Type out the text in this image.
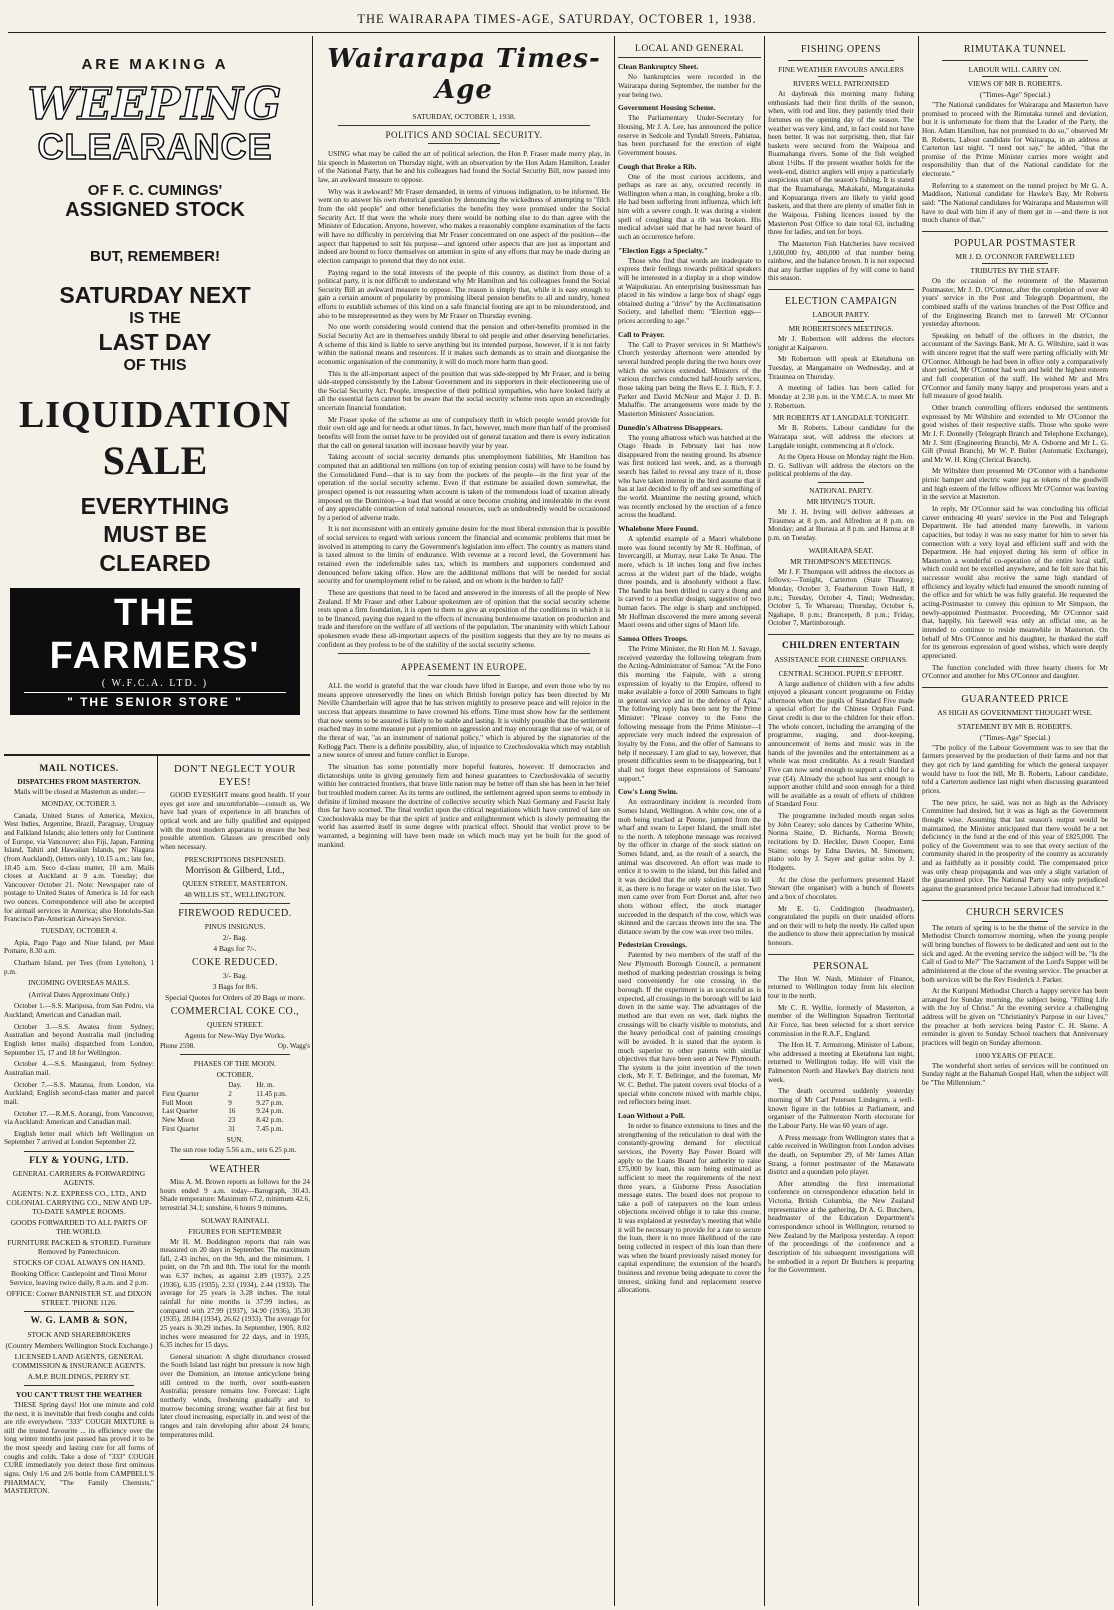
THE WAIRARAPA TIMES-AGE, SATURDAY, OCTOBER 1, 1938.
ARE MAKING A
WEEPING
CLEARANCE
OF F. C. CUMINGS'
ASSIGNED STOCK
BUT, REMEMBER!
SATURDAY NEXT
IS THE
LAST DAY
OF THIS
LIQUIDATION
SALE
EVERYTHING
MUST BE
CLEARED
THE FARMERS'
( W.F.C.A. LTD. )
" THE SENIOR STORE "
MAIL NOTICES.
DISPATCHES FROM MASTERTON.

Mails will be closed at Masterton as under:—

MONDAY, OCTOBER 3.

Canada, United States of America, Mexico, West Indies, Argentine, Brazil, Paraguay, Uruguay and Falkland Islands; also letters only for Continent of Europe, via Vancouver; also Fiji, Japan, Fanning Island, Tahiti and Hawaiian Islands, per Niagara (from Auckland), (letters only), 10.15 a.m.; late fee, 10.45 a.m. Seco d-class matter, 10 a.m. Mails closes at Auckland at 9 a.m. Tuesday; due Vancouver October 21. Note: Newspaper rate of postage to United States of America is 1d for each two ounces. Correspondence will also be accepted for airmail services in America; also Honolulu-San Francisco Pan-American Airways Service.

TUESDAY, OCTOBER 4.

Apia, Pago Pago and Niue Island, per Maui Pomare, 8.30 a.m.

Chatham Island, per Tees (from Lyttelton), 1 p.m.

INCOMING OVERSEAS MAILS.

(Arrival Dates Approximate Only.)

October 1.—S.S. Mariposa, from San Pedro, via Auckland; American and Canadian mail.

October 3.—S.S. Awatea from Sydney; Australian and beyond Australia mail (including English letter mails) dispatched from London, September 15, 17 and 18 for Wellington.

October 4.—S.S. Maunganui, from Sydney: Australian mail.

October 7.—S.S. Matatua, from London, via Auckland; English second-class matter and parcel mail.

October 17.—R.M.S. Aorangi, from Vancouver, via Auckland: American and Canadian mail.

English letter mail which left Wellington on September 7 arrived at London September 22.

FLY & YOUNG, LTD.
GENERAL CARRIERS & FORWARDING AGENTS.
AGENTS: N.Z. EXPRESS CO., LTD., AND COLONIAL CARRYING CO., NEW AND UP-TO-DATE SAMPLE ROOMS.
GOODS FORWARDED TO ALL PARTS OF THE WORLD.
FURNITURE PACKED & STORED. Furniture Removed by Pantechnicon.
STOCKS OF COAL ALWAYS ON HAND.
Booking Office: Castlepoint and Tinui Motor Service, leaving twice daily, 8 a.m. and 2 p.m.
OFFICE: Corner BANNISTER ST. and DIXON STREET. 'PHONE 1126.
W. G. LAMB & SON,
STOCK AND SHAREBROKERS
(Country Members Wellington Stock Exchange.)
LICENSED LAND AGENTS, GENERAL COMMISSION & INSURANCE AGENTS.
A.M.P. BUILDINGS, PERRY ST.
YOU CAN'T TRUST THE WEATHER

THESE Spring days! Hot one minute and cold the next, it is inevitable that fresh coughs and colds are rife everywhere. "333" COUGH MIXTURE is still the trusted favourite ... its efficiency over the long winter months just passed has proved it to be the most speedy and lasting cure for all forms of coughs and colds. Take a dose of "333" COUGH CURE immediately you detect those first ominous signs. Only 1/6 and 2/6 bottle from CAMPBELL'S PHARMACY, "The Family Chemists," MASTERTON.

DON'T NEGLECT YOUR EYES!

GOOD EYESIGHT means good health. If your eyes get sore and uncomfortable—consult us. We have had years of experience in all branches of optical work and are fully qualified and equipped with the most modern apparatus to ensure the best possible attention. Glasses are prescribed only when necessary.

PRESCRIPTIONS DISPENSED.
Morrison & Gilberd, Ltd.,
QUEEN STREET, MASTERTON.
48 WILLIS ST., WELLINGTON.
FIREWOOD REDUCED.
PINUS INSIGNUS.
2/- Bag.
4 Bags for 7/-.
COKE REDUCED.
3/- Bag.
3 Bags for 8/6.
Special Quotes for Orders of 20 Bags or more.
COMMERCIAL COKE CO.,
QUEEN STREET.
Agents for New-Way Dye Works.
Phone 2598.	Op. Wagg's
PHASES OF THE MOON.
OCTOBER.
	Day.	Hr. m.
First Quarter	2	11.45 p.m.
Full Moon	9	9.27 p.m.
Last Quarter	16	9.24 p.m.
New Moon	23	8.42 p.m.
First Quarter	31	7.45 p.m.
SUN.

The sun rose today 5.56 a.m., sets 6.25 p.m.

WEATHER

Miss A. M. Brown reports as follows for the 24 hours ended 9 a.m. today—Barograph, 30.43. Shade temperature: Maximum 67.2, minimum 42.6, terrestrial 34.1; sunshine, 6 hours 9 minutes.

SOLWAY RAINFALL
FIGURES FOR SEPTEMBER

Mr H. M. Boddington reports that rain was measured on 20 days in September. The maximum fall, 2.43 inches, on the 9th, and the minimum, 1 point, on the 7th and 8th. The total for the month was 6.37 inches, as against 2.89 (1937), 2.25 (1936), 6.35 (1935), 2.33 (1934), 2.44 (1933). The average for 25 years is 3.28 inches. The total rainfall for nine months is 37.99 inches, as compared with 27.99 (1937), 34.90 (1936), 35.30 (1935), 28.84 (1934), 26.62 (1933). The average for 25 years is 30.29 inches. In September, 1905, 8.02 inches were measured for 22 days, and in 1935, 6.35 inches for 15 days.

General situation: A slight disturbance crossed the South Island last night but pressure is now high over the Dominion, an intense anticyclone being still centred to the north, over south-eastern Australia; pressure remains low. Forecast: Light northerly winds, freshening gradually and to morrow becoming strong; weather fair at first but later cloud increasing, especially in. and west of the ranges and rain developing after about 24 hours; temperatures mild.

Wairarapa Times-Age
SATURDAY, OCTOBER 1, 1938.
POLITICS AND SOCIAL SECURITY.

USING what may be called the art of political selection, the Hon P. Fraser made merry play, in his speech in Masterton on Thursday night, with an observation by the Hon Adam Hamilton, Leader of the National Party, that he and his colleagues had found the Social Security Bill, now passed into law, an awkward measure to oppose.

Why was it awkward? Mr Fraser demanded, in terms of virtuous indignation, to be informed. He went on to answer his own rhetorical question by denouncing the wickedness of attempting to "filch from the old people" and other beneficiaries the benefits they were promised under the Social Security Act. If that were the whole story there would be nothing else to do than agree with the Minister of Education. Anyone, however, who makes a reasonably complete examination of the facts will have no difficulty in perceiving that Mr Fraser concentrated on one aspect of the position—the aspect that happened to suit his purpose—and ignored other aspects that are just as important and indeed are bound to force themselves on attention in spite of any efforts that may be made during an election campaign to pretend that they do not exist.

Paying regard to the total interests of the people of this country, as distinct from those of a political party, it is not difficult to understand why Mr Hamilton and his colleagues found the Social Security Bill an awkward measure to oppose. The reason is simply that, while it is easy enough to gain a certain amount of popularity by promising liberal pension benefits to all and sundry, honest efforts to establish schemes of this kind on a safe financial footing are apt to be misunderstood, and also to be misrepresented as they were by Mr Fraser on Thursday evening.

No one worth considering would contend that the pension and other-benefits promised in the Social Security Act are in themselves unduly liberal to old people and other deserving beneficiaries. A scheme of this kind is liable to serve anything but its intended purpose, however, if it is not fairly within the national means and resources. If it makes such demands as to strain and disorganise the economic organisation of the community, it will do much more harm than good.

This is the all-important aspect of the position that was side-stepped by Mr Fraser, and is being side-stepped consistently by the Labour Government and its supporters in their electioneering use of the Social Security Act. People, irrespective of their political sympathies, who have looked fairly at all the essential facts cannot but be aware that the social security scheme rests upon an exceedingly uncertain financial foundation.

Mr Fraser spoke of the scheme as one of compulsory thrift in which people would provide for their own old age and for needs at other times. In fact, however, much more than half of the promised benefits will from the outset have to be provided out of general taxation and there is every indication that the call on general taxation will increase heavily year by year.

Taking account of social security demands plus unemployment liabilities, Mr Hamilton has computed that an additional ten millions (on top of existing pension costs) will have to be found by the Consolidated Fund—that is to say from the pockets of the people—in the first year of the operation of the social security scheme. Even if that estimate be assailed down somewhat, the prospect opened is not reassuring when account is taken of the tremendous load of taxation already imposed on the Dominion—a load that would at once become crushing and intolerable in the event of any appreciable contraction of total national resources, such as undoubtedly would be occasioned by a period of adverse trade.

It is not inconsistent with an entirely genuine desire for the most liberal extension that is possible of social services to regard with serious concern the financial and economic problems that must be involved in attempting to carry the Government's legislation into effect. The country as matters stand is taxed almost to the limits of endurance. With revenue at a record level, the Government has retained even the indefensible sales tax, which its members and supporters condemned and denounced before taking office. How are the additional millions that will be needed for social security and for unemployment relief to be raised, and on whom is the burden to fall?

These are questions that need to be faced and answered in the interests of all the people of New Zealand. If Mr Fraser and other Labour spokesmen are of opinion that the social security scheme rests upon a firm foundation, it is open to them to give an exposition of the conditions in which it is to be financed, paying due regard to the effects of increasing burdensome taxation on production and trade and therefore on the welfare of all sections of the population. The unanimity with which Labour spokesmen evade these all-important aspects of the position suggests that they are by no means as confident as they profess to be of the stability of the social security scheme.

APPEASEMENT IN EUROPE.

ALL the world is grateful that the war clouds have lifted in Europe, and even those who by no means approve unreservedly the lines on which British foreign policy has been directed by Mr Neville Chamberlain will agree that he has striven mightily to preserve peace and will rejoice in the success that appears meantime to have crowned his efforts. Time must show how far the settlement that now seems to be assured is likely to be stable and lasting. It is visibly possible that the settlement reached may in some measure put a premium on aggression and may encourage that use of war, or of the threat of war, "as an instrument of national policy," which is abjured by the signatories of the Kellogg Pact. There is a definite possibility, also, of injustice to Czechoslovakia which may establish a new source of unrest and future conflict in Europe.

The situation has some potentially more hopeful features, however. If democracies and dictatorships unite in giving genuinely firm and honest guarantees to Czechoslovakia of security within her contracted frontiers, that brave little nation may be better off than she has been in her brief but troubled modern career. As its terms are outlined, the settlement agreed upon seems to embody in definite if limited measure the doctrine of collective security which Nazi Germany and Fascist Italy thus far have scorned. The final verdict upon the critical negotiations which have centred of late on Czechoslovakia may be that the spirit of justice and enlightenment which is slowly permeating the world has asserted itself in some degree with practical effect. Should that verdict prove to be warranted, a beginning will have been made on which much may yet be built for the good of mankind.

LOCAL AND GENERAL
Clean Bankruptcy Sheet.

No bankruptcies were recorded in the Wairarapa during September, the number for the year being two.

Government Housing Scheme.

The Parliamentary Under-Secretary for Housing, Mr J. A. Lee, has announced the police reserve in Sedcole and Tyndall Streets, Pahiatua, has been purchased for the erection of eight Government houses.

Cough that Broke a Rib.

One of the most curious accidents, and perhaps as rare as any, occurred recently in Wellington when a man, in coughing, broke a rib. He had been suffering from influenza, which left him with a severe cough. It was during a violent spell of coughing that a rib was broken. His medical adviser said that he had never heard of such an occurrence before.

"Election Eggs a Specialty."

Those who find that words are inadequate to express their feelings towards political speakers will be interested in a display in a shop window at Waipukurau. An enterprising businessman has placed in his window a large box of shags' eggs obtained during a "drive" by the Acclimatisation Society, and labelled them: "Election eggs—prices according to age."

Call to Prayer.

The Call to Prayer services in St Matthew's Church yesterday afternoon were attended by several hundred people during the two hours over which the services extended. Ministers of the various churches conducted half-hourly services, those taking part being the Revs E. J. Rich, F. J. Parker and David McNeur and Major J. D. B. Mahaffie. The arrangements were made by the Masterton Ministers' Association.

Dunedin's Albatross Disappears.

The young albatross which was hatched at the Otago Heads in February last has now disappeared from the nesting ground. Its absence was first noticed last week, and, as a thorough search has failed to reveal any trace of it, those who have taken interest in the bird assume that it has at last decided to fly off and see something of the world. Meantime the nesting ground, which was recently enclosed by the erection of a fence across the headland.

Whalebone More Found.

A splendid example of a Maori whalebone mere was found recently by Mr R. Hoffman, of Invercargill, at Murray, near Lake Te Anau. The mere, which is 18 inches long and five inches across at the widest part of the blade, weighs three pounds, and is absolutely without a flaw. The handle has been drilled to carry a thong and is carved to a peculiar design, suggestive of two human faces. The edge is sharp and unchipped. Mr Hoffman discovered the mere among several Maori ovens and other signs of Maori life.

Samoa Offers Troops.

The Prime Minister, the Rt Hon M. J. Savage, received yesterday the following telegram from the Acting-Administrator of Samoa: "At the Fono this morning the Faipule, with a strong expression of loyalty to the Empire, offered to make available a force of 2000 Samoans to fight in general service and in the defence of Apia." The following reply has been sent by the Prime Minister: "Please convey to the Fono the following message from the Prime Minister—I appreciate very much indeed the expression of loyalty by the Fono, and the offer of Samoans to help if necessary. I am glad to say, however, that present difficulties seem to be disappearing, but I shall not forget these expressions of Samoans' support."

Cow's Long Swim.

An extraordinary incident is recorded from Somes Island, Wellington. A white cow, one of a mob being trucked at Petone, jumped from the wharf and swam to Leper Island, the small islet to the north. A telephone message was received by the officer in charge of the stock station on Somes Island, and, as the result of a search, the animal was discovered. An effort was made to entice it to swim to the island, but this failed and it was decided that the only solution was to kill it, as there is no forage or water on the islet. Two men came over from Fort Dorset and, after two shots without effect, the stock manager succeeded in the despatch of the cow, which was skinned and the carcass thrown into the sea. The distance swum by the cow was over two miles.

Pedestrian Crossings.

Patented by two members of the staff of the New Plymouth Borough Council, a permanent method of marking pedestrian crossings is being used conveniently for one crossing in the borough. If the experiment is as successful as is expected, all crossings in the borough will be laid down in the same way. The advantages of the method are that even on wet, dark nights the crossings will be clearly visible to motorists, and the heavy periodical cost of painting crossings will be avoided. It is stated that the system is much superior to other patents with similar objectives that have been seen at New Plymouth. The system is the joint invention of the town clerk, Mr F. T. Bellringer, and the foreman, Mr W. C. Bethel. The patent covers oval blocks of a special white concrete mixed with marble chips, red reflectors being inset.

Loan Without a Poll.

In order to finance extensions to lines and the strengthening of the reticulation to deal with the constantly-growing demand for electrical services, the Poverty Bay Power Board will apply to the Loans Board for authority to raise £75,000 by loan, this sum being estimated as sufficient to meet the requirements of the next three years, a Gisborne Press Association message states. The board does not propose to take a poll of ratepayers on the loan unless objections received oblige it to take this course. It was explained at yesterday's meeting that while it will be necessary to provide for a rate to secure the loan, there is no more likelihood of the rate being collected in respect of this loan than there was when the board previously raised money for capital expenditure; the extension of the board's business and revenue being adequate to cover the interest, sinking fund and replacement reserve allocations.

FISHING OPENS
FINE WEATHER FAVOURS ANGLERS
RIVERS WELL PATRONISED

At daybreak this morning many fishing enthusiasts had their first thrills of the season, when, with rod and line, they patiently tried their fortunes on the opening day of the season. The weather was very kind, and, in fact could not have been better. It was not surprising, then, that fair baskets were secured from the Waipoua and Ruamahanga rivers. Some of the fish weighed about 1½lbs. If the present weather holds for the week-end, district anglers will enjoy a particularly auspicious start of the season's fishing. It is stated that the Ruamahanga, Makakahi, Mangatainoka and Kopuaranga rivers are likely to yield good baskets, and that there are plenty of smaller fish in the Waipoua. Fishing licences issued by the Masterton Post Office to date total 63, including three for ladies, and ten for boys.

The Masterton Fish Hatcheries have received 1,600,000 fry, 400,000 of that number being rainbow, and the balance brown. It is not expected that any further supplies of fry will come to hand this season.

ELECTION CAMPAIGN
LABOUR PARTY.
MR ROBERTSON'S MEETINGS.

Mr J. Robertson will address the electors tonight at Kaiparoro.

Mr Robertson will speak at Eketahuna on Tuesday, at Mangamaire on Wednesday, and at Tiraumea on Thursday.

A meeting of ladies has been called for Monday at 2.30 p.m. in the Y.M.C.A. to meet Mr J. Robertson.

MR ROBERTS AT LANGDALE TONIGHT.

Mr B. Roberts, Labour candidate for the Wairarapa seat, will address the electors at Langdale tonight, commencing at 8 o'clock.

At the Opera House on Monday night the Hon. D. G. Sullivan will address the electors on the political problems of the day.

NATIONAL PARTY.
MR IRVING'S TOUR.

Mr J. H. Irving will deliver addresses at Tiraumea at 8 p.m. and Alfredton at 8 p.m. on Monday; and at Ihuraua at 8 p.m. and Hamua at 8 p.m. on Tuesday.

WAIRARAPA SEAT.
MR THOMPSON'S MEETINGS.

Mr J. F. Thompson will address the electors as follows:—Tonight, Carterton (State Theatre); Monday, October 3, Featherston Town Hall, 8 p.m.; Tuesday, October 4, Tinui; Wednesday, October 5, Te Whareau; Thursday, October 6, Ngahape, 8 p.m.; Brancepeth, 8 p.m.; Friday, October 7, Martinborough.

CHILDREN ENTERTAIN
ASSISTANCE FOR CHINESE ORPHANS.
CENTRAL SCHOOL PUPILS' EFFORT.

A large audience of children with a few adults enjoyed a pleasant concert programme on Friday afternoon when the pupils of Standard Five made a special effort for the Chinese Orphan Fund. Great credit is due to the children for their effort. The whole concert, including the arranging of the programme, staging, and door-keeping, announcement of items and music was in the hands of the juveniles and the entertainment as a whole was most creditable. As a result Standard Five can now send enough to support a child for a year (£4). Already the school has sent enough to support another child and soon enough for a third will be available as a result of efforts of children of Standard Four.

The programme included mouth organ solos by John Cearey; solo dances by Catherine White, Norma Staine, D. Richards, Norma Brown; recitations by D. Heckler, Dawn Cooper, Esmi Staine; songs by Edna Davies, M. Simonsen; piano solo by J. Sayer and guitar solos by J. Hodgetts.

At the close the performers presented Hazel Stewart (the organiser) with a bunch of flowers and a box of chocolates.

Mr E. G. Coddington (headmaster), congratulated the pupils on their unaided efforts and on their will to help the needy. He called upon the audience to show their appreciation by musical honours.

PERSONAL

The Hon W. Nash, Minister of Finance, returned to Wellington today from his election tour in the north.

Mr C. R. Wyllie, formerly of Masterton, a member of the Wellington Squadron Territorial Air Force, has been selected for a short service commission in the R.A.F., England.

The Hon H. T. Armstrong, Minister of Labour, who addressed a meeting at Eketahuna last night, returned to Wellington today. He will visit the Palmerston North and Hawke's Bay districts next week.

The death occurred suddenly yesterday morning of Mr Carl Petersen Lindegren, a well-known figure in the lobbies at Parliament, and organiser of the Palmerston North electorate for the Labour Party. He was 60 years of age.

A Press message from Wellington states that a cable received in Wellington from London advises the death, on September 29, of Mr James Allan Strang, a former postmaster of the Manawatu district and a quondam polo player.

After attending the first international conference on correspondence education held in Victoria, British Columbia, the New Zealand representative at the gathering, Dr A. G. Butchers, headmaster of the Education Department's correspondence school in Wellington, returned to New Zealand by the Mariposa yesterday. A report of the proceedings of the conference and a description of his subsequent investigations will be embodied in a report Dr Butchers is preparing for the Government.

RIMUTAKA TUNNEL
LABOUR WILL CARRY ON.
VIEWS OF MR B. ROBERTS.
("Times-Age" Special.)

"The National candidates for Wairarapa and Masterton have promised to proceed with the Rimutaka tunnel and deviation, but it is unfortunate for them that the Leader of the Party, the Hon. Adam Hamilton, has not promised to do so," observed Mr B. Roberts, Labour candidate for Wairarapa, in an address at Carterton last night. "I need not say," he added, "that the promise of the Prime Minister carries more weight and responsibility than that of the National candidate for the electorate."

Referring to a statement on the tunnel project by Mr G. A. Maddison, National candidate for Hawke's Bay, Mr Roberts said: "The National candidates for Wairarapa and Masterton will have to deal with him if any of them get in —and there is not much chance of that."

POPULAR POSTMASTER
MR J. D. O'CONNOR FAREWELLED
TRIBUTES BY THE STAFF.

On the occasion of the retirement of the Masterton Postmaster, Mr J. D. O'Connor, after the completion of over 40 years' service in the Post and Telegraph Department, the combined staffs of the various branches of the Post Office and of the Engineering Branch met to farewell Mr O'Connor yesterday afternoon.

Speaking on behalf of the officers in the district, the accountant of the Savings Bank, Mr A. G. Wiltshire, said it was with sincere regret that the staff were parting officially with Mr O'Connor. Although he had been in office only a comparatively short period, Mr O'Connor had won and held the highest esteem and full cooperation of the staff. He wished Mr and Mrs O'Connor and family many happy and prosperous years and a full measure of good health.

Other branch controlling officers endorsed the sentiments expressed by Mr Wiltshire and extended to Mr O'Connor the good wishes of their respective staffs. Those who spoke were Mr J. F. Donnelly (Telegraph Branch and Telephone Exchange), Mr J. Stitt (Engineering Branch), Mr A. Osborne and Mr L. G. Gill (Postal Branch), Mr W. P. Butler (Automatic Exchange), and Mr W. H. King (Clerical Branch).

Mr Wiltshire then presented Mr O'Connor with a handsome picnic hamper and electric water jug as tokens of the goodwill and high esteem of the fellow officers Mr O'Connor was leaving in the service at Masterton.

In reply, Mr O'Connor said he was concluding his official career embracing 40 years' service in the Post and Telegraph Department. He had attended many farewells, in various capacities, but today it was no easy matter for him to sever his connection with a very loyal and efficient staff and with the Department. He had enjoyed during his term of office in Masterton a wonderful co-operation of the entire local staff, which could not be excelled anywhere, and he felt sure that his successor would also receive the same high standard of efficiency and loyalty which had ensured the smooth running of the office and for which he was fully grateful. He requested the acting-Postmaster to convey this opinion to Mr Simpson, the newly-appointed Postmaster. Proceeding, Mr O'Connor said that, happily, his farewell was only an official one, as he intended to continue to reside meanwhile in Masterton. On behalf of Mrs O'Connor and his daughter, he thanked the staff for its generous expression of good wishes, which were deeply appreciated.

The function concluded with three hearty cheers for Mr O'Connor and another for Mrs O'Connor and daughter.

GUARANTEED PRICE
AS HIGH AS GOVERNMENT THOUGHT WISE.
STATEMENT BY MR B. ROBERTS.
("Times-Age" Special.)

"The policy of the Labour Government was to see that the farmers preserved by the production of their farms and not that they got rich by land gambling for which the general taxpayer would have to foot the bill, Mr B. Roberts, Labour candidate, told a Carterton audience last night when discussing guaranteed prices.

The new price, he said, was not as high as the Advisory Committee had desired, but it was as high as the Government thought wise. Assuming that last season's output would be maintained, the Minister anticipated that there would be a net deficiency in the fund at the end of this year of £825,000. The policy of the Government was to see that every section of the community shared in the prosperity of the country as accurately and as faithfully as it possibly could. The compensated price was only cheap propaganda and was only a slight variation of the guaranteed price. The National Party was only prejudiced against the guaranteed price because Labour had introduced it."

CHURCH SERVICES

The return of spring is to be the theme of the service in the Methodist Church tomorrow morning, when the young people will bring bunches of flowers to be dedicated and sent out to the sick and aged. At the evening service the subject will be, "Is the Call of God to Me?" The Sacrament of the Lord's Supper will be administered at the close of the evening service. The preacher at both services will be the Rev Frederick J. Parker.

At the Kuripuni Methodist Church a happy service has been arranged for Sunday morning, the subject being, "Filling Life with the Joy of Christ." At the evening service a challenging address will be given on "Christianity's Purpose in our Lives," the preacher at both services being Pastor C. H. Skene. A reminder is given to Sunday School teachers that Anniversary practices will begin on Sunday afternoon.

1000 YEARS OF PEACE.

The wonderful short series of services will be continued on Sunday night at the Bahamah Gospel Hall, when the subject will be "The Millennium."
